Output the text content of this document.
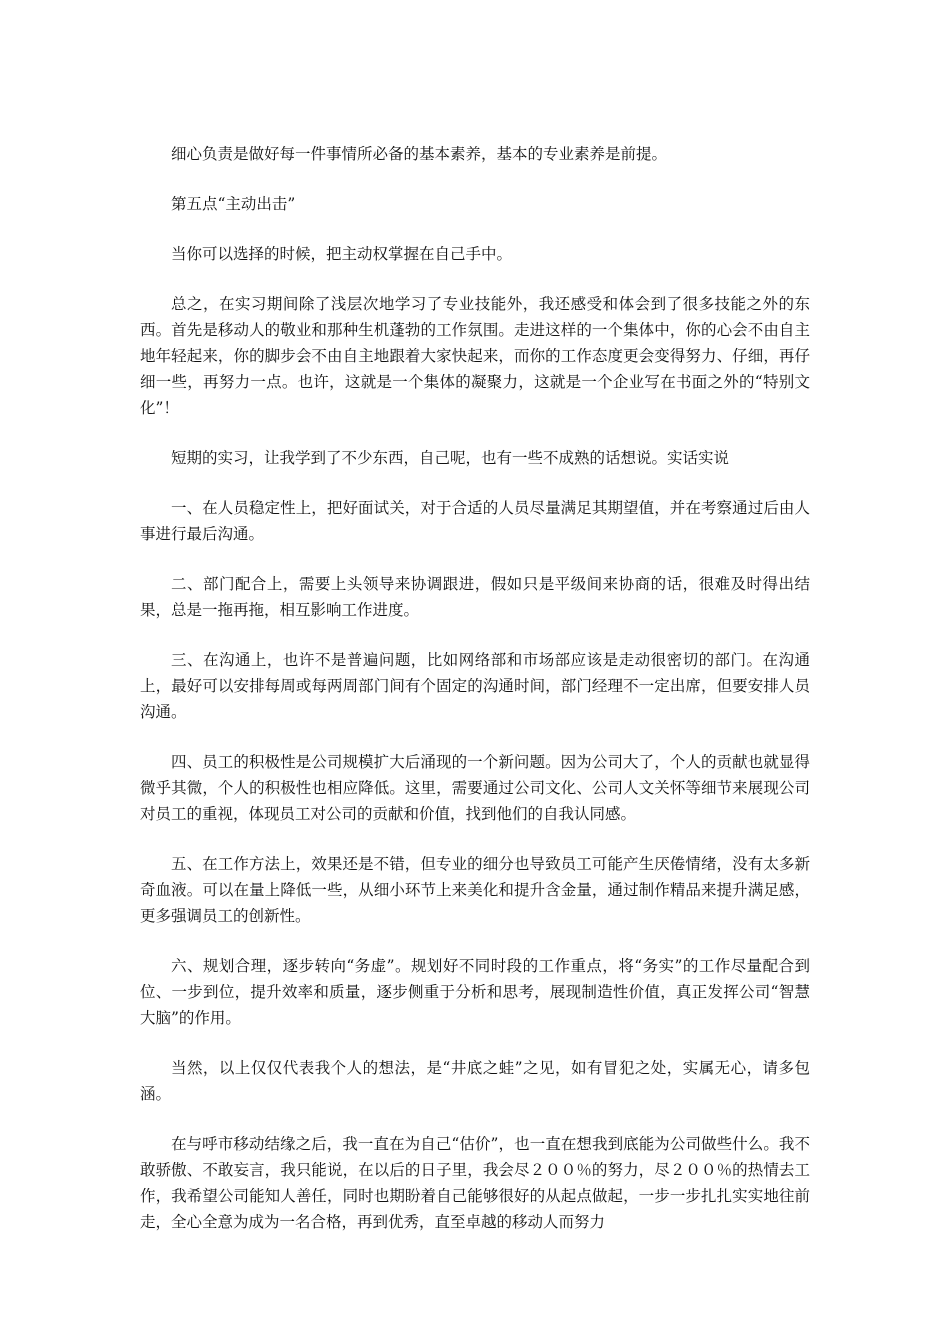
细心负责是做好每一件事情所必备的基本素养，基本的专业素养是前提。

第五点“主动出击”

当你可以选择的时候，把主动权掌握在自己手中。

总之，在实习期间除了浅层次地学习了专业技能外，我还感受和体会到了很多技能之外的东西。首先是移动人的敬业和那种生机蓬勃的工作氛围。走进这样的一个集体中，你的心会不由自主地年轻起来，你的脚步会不由自主地跟着大家快起来，而你的工作态度更会变得努力、仔细，再仔细一些，再努力一点。也许，这就是一个集体的凝聚力，这就是一个企业写在书面之外的“特别文化”！

短期的实习，让我学到了不少东西，自己呢，也有一些不成熟的话想说。实话实说

一、在人员稳定性上，把好面试关，对于合适的人员尽量满足其期望值，并在考察通过后由人事进行最后沟通。

二、部门配合上，需要上头领导来协调跟进，假如只是平级间来协商的话，很难及时得出结果，总是一拖再拖，相互影响工作进度。

三、在沟通上，也许不是普遍问题，比如网络部和市场部应该是走动很密切的部门。在沟通上，最好可以安排每周或每两周部门间有个固定的沟通时间，部门经理不一定出席，但要安排人员沟通。

四、员工的积极性是公司规模扩大后涌现的一个新问题。因为公司大了，个人的贡献也就显得微乎其微，个人的积极性也相应降低。这里，需要通过公司文化、公司人文关怀等细节来展现公司对员工的重视，体现员工对公司的贡献和价值，找到他们的自我认同感。

五、在工作方法上，效果还是不错，但专业的细分也导致员工可能产生厌倦情绪，没有太多新奇血液。可以在量上降低一些，从细小环节上来美化和提升含金量，通过制作精品来提升满足感，更多强调员工的创新性。

六、规划合理，逐步转向“务虚”。规划好不同时段的工作重点，将“务实”的工作尽量配合到位、一步到位，提升效率和质量，逐步侧重于分析和思考，展现制造性价值，真正发挥公司“智慧大脑”的作用。

当然，以上仅仅代表我个人的想法，是“井底之蛙”之见，如有冒犯之处，实属无心，请多包涵。

在与呼市移动结缘之后，我一直在为自己“估价”，也一直在想我到底能为公司做些什么。我不敢骄傲、不敢妄言，我只能说，在以后的日子里，我会尽２００％的努力，尽２００％的热情去工作，我希望公司能知人善任，同时也期盼着自己能够很好的从起点做起，一步一步扎扎实实地往前走，全心全意为成为一名合格，再到优秀，直至卓越的移动人而努力
